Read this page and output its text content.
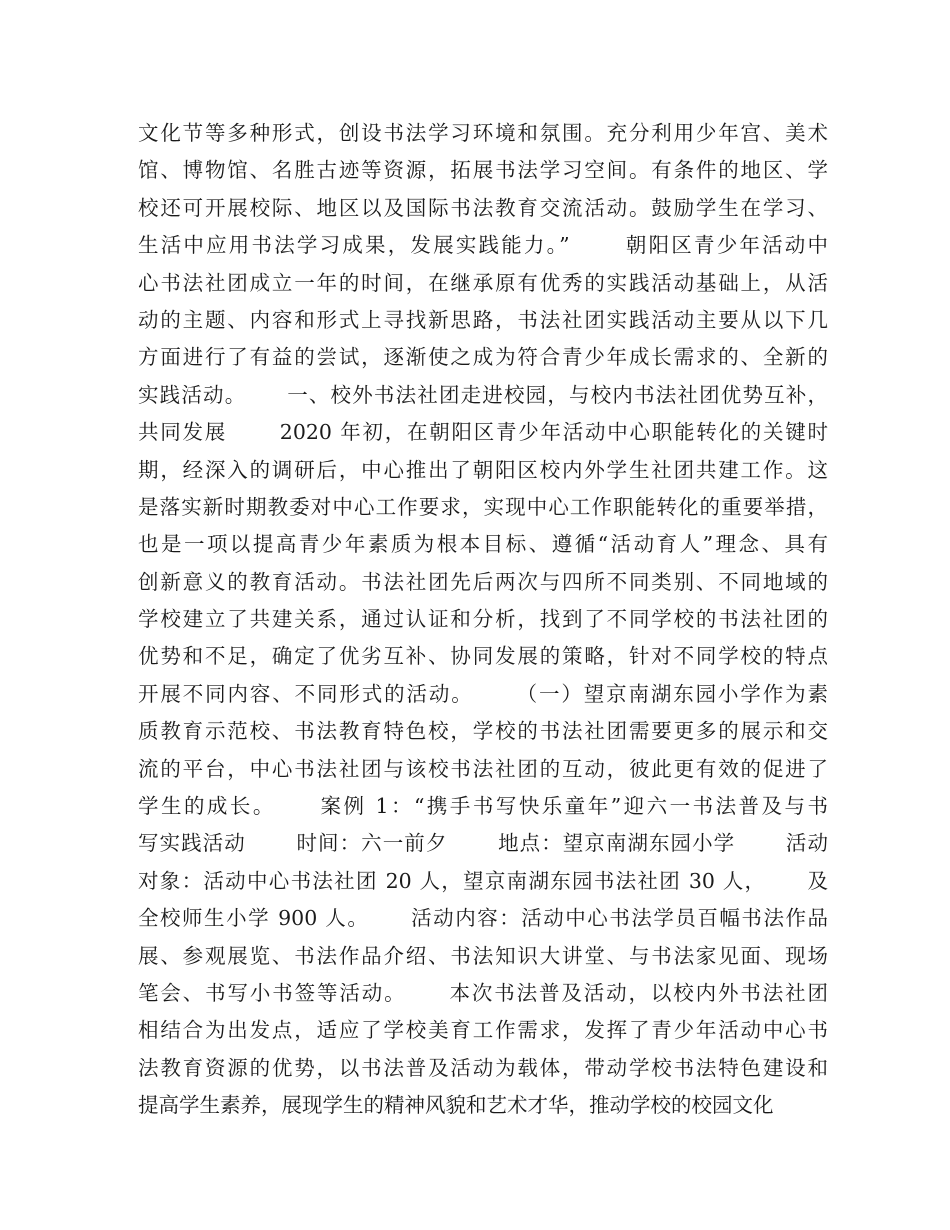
文化节等多种形式，创设书法学习环境和氛围。充分利用少年宫、美术
馆、博物馆、名胜古迹等资源，拓展书法学习空间。有条件的地区、学
校还可开展校际、地区以及国际书法教育交流活动。鼓励学生在学习、
生活中应用书法学习成果，发展实践能力。”　　 朝阳区青少年活动中
心书法社团成立一年的时间，在继承原有优秀的实践活动基础上，从活
动的主题、内容和形式上寻找新思路，书法社团实践活动主要从以下几
方面进行了有益的尝试，逐渐使之成为符合青少年成长需求的、全新的
实践活动。　　 一、校外书法社团走进校园，与校内书法社团优势互补，
共同发展　　 2020 年初，在朝阳区青少年活动中心职能转化的关键时
期，经深入的调研后，中心推出了朝阳区校内外学生社团共建工作。这
是落实新时期教委对中心工作要求，实现中心工作职能转化的重要举措，
也是一项以提高青少年素质为根本目标、遵循“活动育人”理念、具有
创新意义的教育活动。书法社团先后两次与四所不同类别、不同地域的
学校建立了共建关系，通过认证和分析，找到了不同学校的书法社团的
优势和不足，确定了优劣互补、协同发展的策略，针对不同学校的特点
开展不同内容、不同形式的活动。　　 （一）望京南湖东园小学作为素
质教育示范校、书法教育特色校，学校的书法社团需要更多的展示和交
流的平台，中心书法社团与该校书法社团的互动，彼此更有效的促进了
学生的成长。　　 案例 1：“携手书写快乐童年”迎六一书法普及与书
写实践活动　　 时间：六一前夕　　 地点：望京南湖东园小学　　 活动
对象：活动中心书法社团 20 人，望京南湖东园书法社团 30 人，　　 及
全校师生小学 900 人。　　 活动内容：活动中心书法学员百幅书法作品
展、参观展览、书法作品介绍、书法知识大讲堂、与书法家见面、现场
笔会、书写小书签等活动。　　 本次书法普及活动，以校内外书法社团
相结合为出发点，适应了学校美育工作需求，发挥了青少年活动中心书
法教育资源的优势，以书法普及活动为载体，带动学校书法特色建设和
提高学生素养，展现学生的精神风貌和艺术才华，推动学校的校园文化
